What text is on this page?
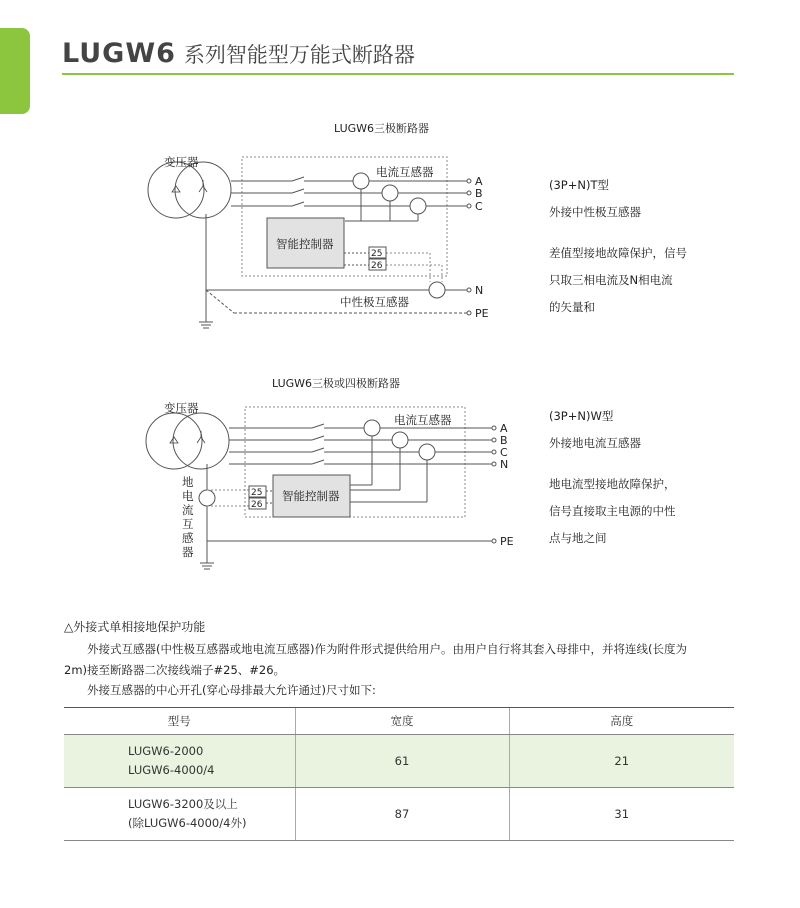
LUGW6 系列智能型万能式断路器
LUGW6三极断路器
变压器
电流互感器
智能控制器
25
26
中性极互感器
A
B
C
N
PE
LUGW6三极或四极断路器
变压器
电流互感器
智能控制器
25
26
A
B
C
N
PE
地电流互感器
(3P+N)T型
外接中性极互感器
差值型接地故障保护，信号
只取三相电流及N相电流
的矢量和
(3P+N)W型
外接地电流互感器
地电流型接地故障保护，
信号直接取主电源的中性
点与地之间
△外接式单相接地保护功能
外接式互感器(中性极互感器或地电流互感器)作为附件形式提供给用户。由用户自行将其套入母排中，并将连线(长度为
2m)接至断路器二次接线端子#25、#26。
外接互感器的中心开孔(穿心母排最大允许通过)尺寸如下:
型号	宽度	高度

LUGW6-2000
LUGW6-4000/4	61	21

LUGW6-3200及以上
(除LUGW6-4000/4外)	87	31
